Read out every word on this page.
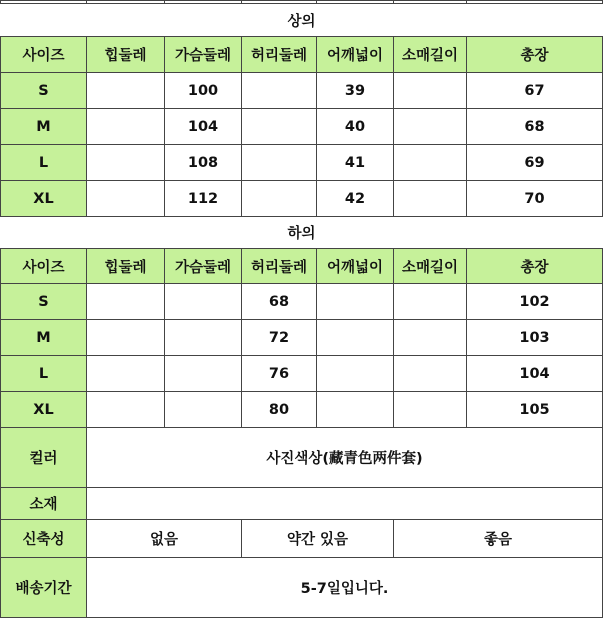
상의						
사이즈	힙둘레	가슴둘레	허리둘레	어깨넓이	소매길이	총장
S		100		39		67
M		104		40		68
L		108		41		69
XL		112		42		70
하의						
사이즈	힙둘레	가슴둘레	허리둘레	어깨넓이	소매길이	총장
S			68			102
M			72			103
L			76			104
XL			80			105
컬러	사진색상(藏青色两件套)					
소재						
신축성	없음		약간 있음		좋음	
배송기간	5-7일입니다.					
